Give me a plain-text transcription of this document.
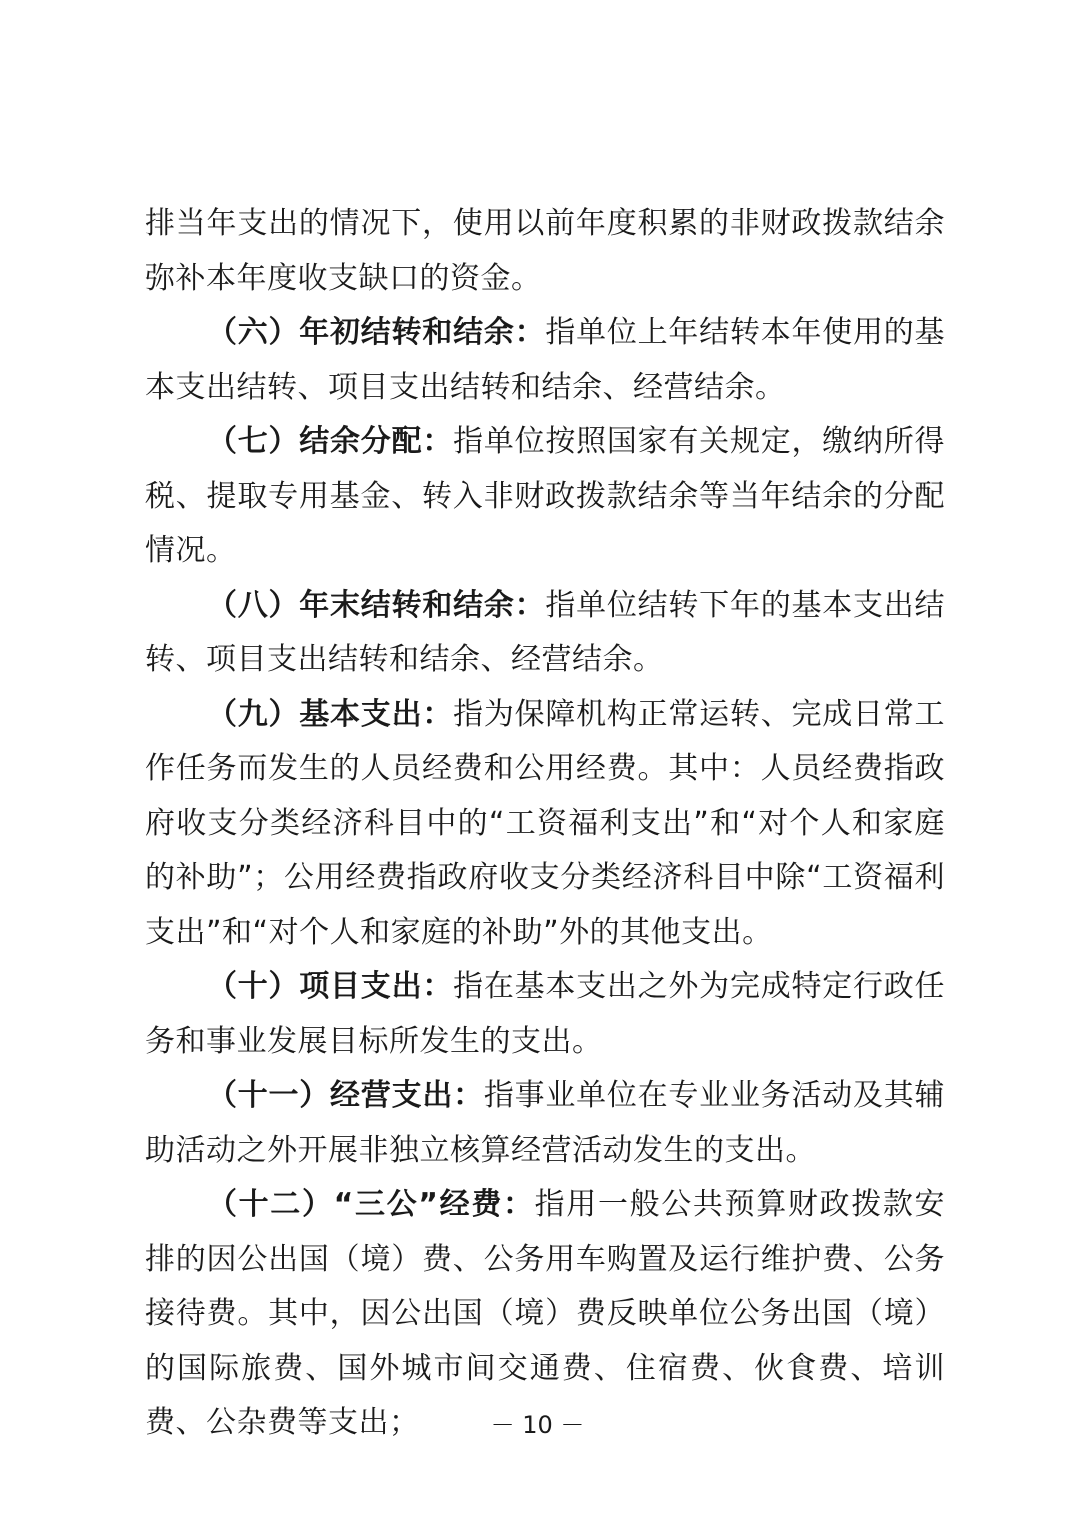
排当年支出的情况下，使用以前年度积累的非财政拨款结余弥补本年度收支缺口的资金。

（六）年初结转和结余：指单位上年结转本年使用的基本支出结转、项目支出结转和结余、经营结余。

（七）结余分配：指单位按照国家有关规定，缴纳所得税、提取专用基金、转入非财政拨款结余等当年结余的分配情况。

（八）年末结转和结余：指单位结转下年的基本支出结转、项目支出结转和结余、经营结余。

（九）基本支出：指为保障机构正常运转、完成日常工作任务而发生的人员经费和公用经费。其中：人员经费指政府收支分类经济科目中的“工资福利支出”和“对个人和家庭的补助”；公用经费指政府收支分类经济科目中除“工资福利支出”和“对个人和家庭的补助”外的其他支出。

（十）项目支出：指在基本支出之外为完成特定行政任务和事业发展目标所发生的支出。

（十一）经营支出：指事业单位在专业业务活动及其辅助活动之外开展非独立核算经营活动发生的支出。

（十二）“三公”经费：指用一般公共预算财政拨款安排的因公出国（境）费、公务用车购置及运行维护费、公务接待费。其中，因公出国（境）费反映单位公务出国（境）的国际旅费、国外城市间交通费、住宿费、伙食费、培训费、公杂费等支出；	－ 10 －
